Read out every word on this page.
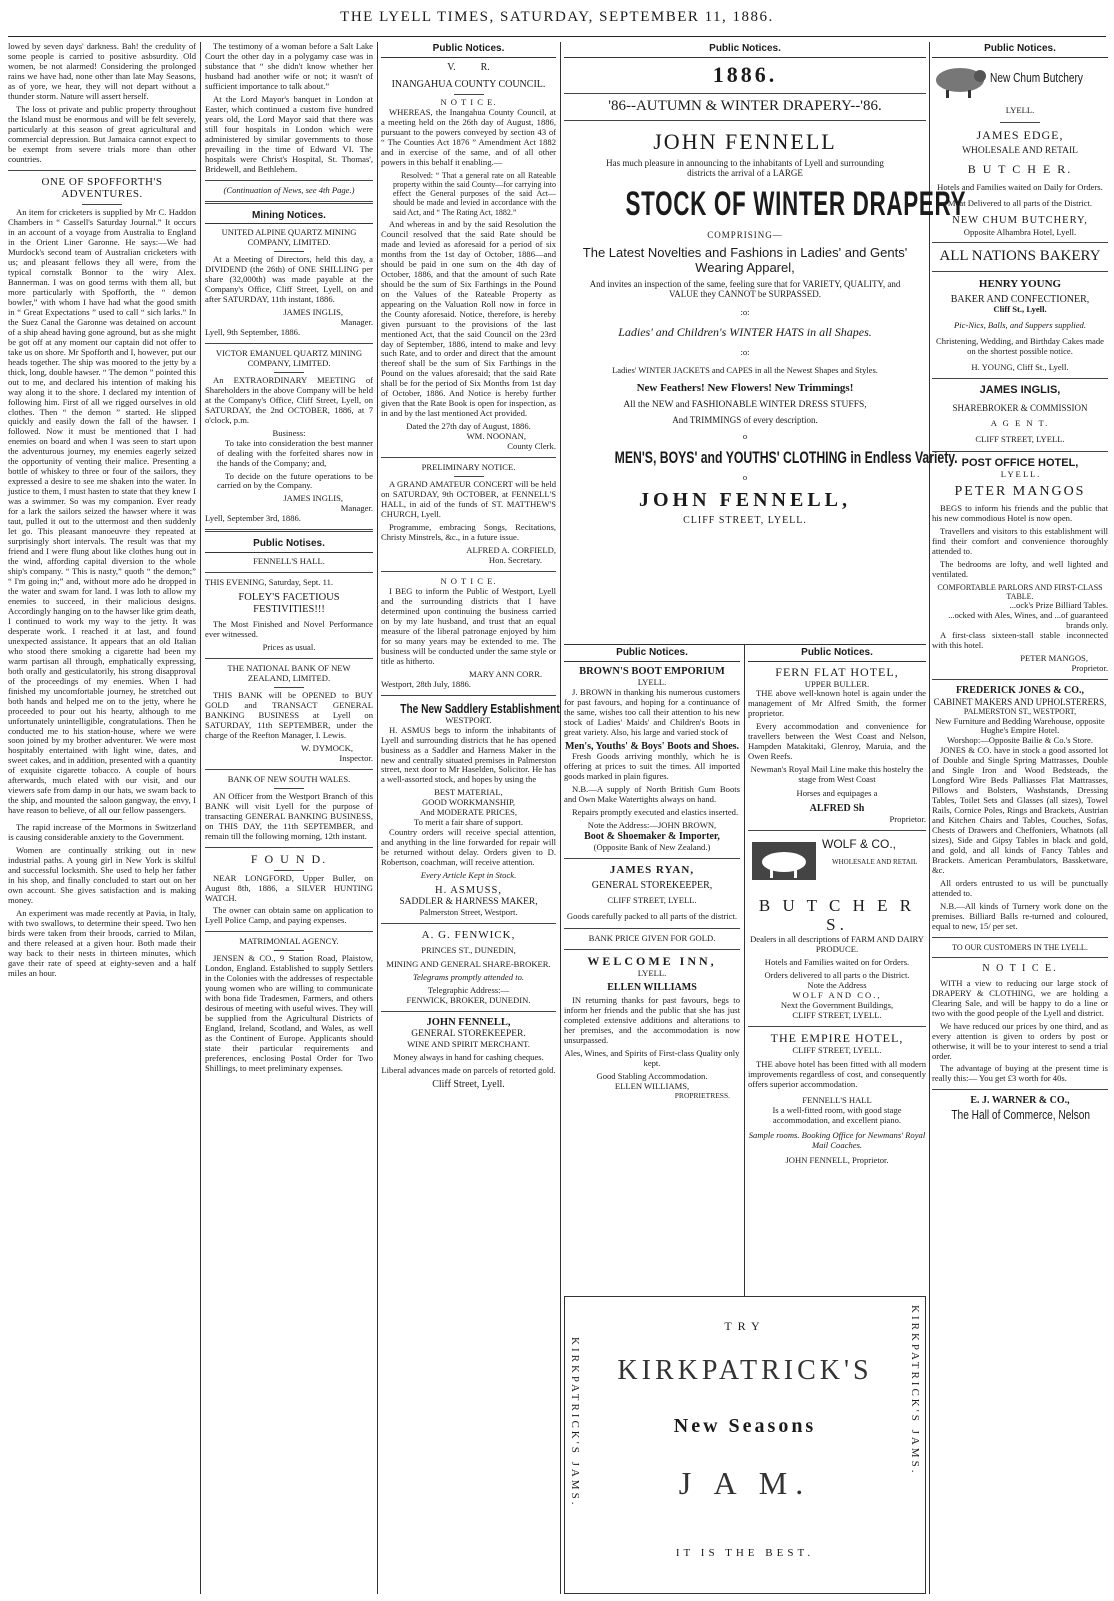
THE LYELL TIMES, SATURDAY, SEPTEMBER 11, 1886.

lowed by seven days' darkness. Bah! the credulity of some people is carried to positive asbsurdity. Old women, be not alarmed! Considering the prolonged rains we have had, none other than late May Seasons, as of yore, we hear, they will not depart without a thunder storm. Nature will assert herself.

The loss ot private and public property throughout the Island must be enormous and will be felt severely, particularly at this season of great agricultural and commercial depression. But Jamaica cannot expect to be exempt from severe trials more than other countries.

ONE OF SPOFFORTH'S ADVENTURES.

An item for cricketers is supplied by Mr C. Haddon Chambers in “ Cassell's Saturday Journal.” It occurs in an account of a voyage from Australia to England in the Orient Liner Garonne. He says:—We had Murdock's second team of Australian cricketers with us; and pleasant fellows they all were, from the typical cornstalk Bonnor to the wiry Alex. Bannerman. I was on good terms with them all, but more particularly with Spofforth, the “ demon bowler,” with whom I have had what the good smith in “ Great Expectations ” used to call “ sich larks.” In the Suez Canal the Garonne was detained on account of a ship ahead having gone aground, but as she might be got off at any moment our captain did not offer to take us on shore. Mr Spofforth and I, however, put our heads together. The ship was moored to the jetty by a thick, long, double hawser. “ The demon ” pointed this out to me, and declared his intention of making his way along it to the shore. I declared my intention of following him. First of all we rigged ourselves in old clothes. Then “ the demon ” started. He slipped quickly and easily down the fall of the hawser. I followed. Now it must be mentioned that I had enemies on board and when I was seen to start upon the adventurous journey, my enemies eagerly seized the opportunity of venting their malice. Presenting a bottle of whiskey to three or four of the sailors, they expressed a desire to see me shaken into the water. In justice to them, I must hasten to state that they knew I was a swimmer. So was my companion. Ever ready for a lark the sailors seized the hawser where it was taut, pulled it out to the uttermost and then suddenly let go. This pleasant manoeuvre they repeated at surprisingly short intervals. The result was that my friend and I were flung about like clothes hung out in the wind, affording capital diversion to the whole ship's company. “ This is nasty,” quoth “ the demon;” “ I'm going in;” and, without more ado he dropped in the water and swam for land. I was loth to allow my enemies to succeed, in their malicious designs. Accordingly hanging on to the hawser like grim death, I continued to work my way to the jetty. It was desperate work. I reached it at last, and found unexpected assistance. It appears that an old Italian who stood there smoking a cigarette had been my warm partisan all through, emphatically expressing, both orally and gesticulatorily, his strong disapproval of the proceedings of my enemies. When I had finished my uncomfortable journey, he stretched out both hands and helped me on to the jetty, where he proceeded to pour out his hearty, although to me unfortunately unintelligible, congratulations. Then he conducted me to his station-house, where we were soon joined by my brother adventurer. We were most hospitably entertained with light wine, dates, and sweet cakes, and in addition, presented with a quantity of exquisite cigarette tobacco. A couple of hours afterwards, much elated with our visit, and our viewers safe from damp in our hats, we swam back to the ship, and mounted the saloon gangway, the envy, I have reason to believe, of all our fellow passengers.

The rapid increase of the Mormons in Switzerland is causing considerable anxiety to the Government.

Women are continually striking out in new industrial paths. A young girl in New York is skilful and successful locksmith. She used to help her father in his shop, and finally concluded to start out on her own account. She gives satisfaction and is making money.

An experiment was made recently at Pavia, in Italy, with two swallows, to determine their speed. Two hen birds were taken from their broods, carried to Milan, and there released at a given hour. Both made their way back to their nests in thirteen minutes, which gave their rate of speed at eighty-seven and a half miles an hour.

The testimony of a woman before a Salt Lake Court the other day in a polygamy case was in substance that “ she didn't know whether her husband had another wife or not; it wasn't of sufficient importance to talk about.”

At the Lord Mayor's banquet in London at Easter, which continued a custom five hundred years old, the Lord Mayor said that there was still four hospitals in London which were administered by similar governments to those prevailing in the time of Edward VI. The hospitals were Christ's Hospital, St. Thomas', Bridewell, and Bethlehem.

(Continuation of News, see 4th Page.)
Mining Notices.
UNITED ALPINE QUARTZ MINING COMPANY, LIMITED.

At a Meeting of Directors, held this day, a DIVIDEND (the 26th) of ONE SHILLING per share (32,000th) was made payable at the Company's Office, Cliff Street, Lyell, on and after SATURDAY, 11th instant, 1886.

JAMES INGLIS,
Manager.
Lyell, 9th September, 1886.
VICTOR EMANUEL QUARTZ MINING COMPANY, LIMITED.

An EXTRAORDINARY MEETING of Shareholders in the above Company will be held at the Company's Office, Cliff Street, Lyell, on SATURDAY, the 2nd OCTOBER, 1886, at 7 o'clock, p.m.

Business:

To take into consideration the best manner of dealing with the forfeited shares now in the hands of the Company; and,

To decide on the future operations to be carried on by the Company.

JAMES INGLIS,
Manager.
Lyell, September 3rd, 1886.
Public Notises.
FENNELL'S HALL.
THIS EVENING, Saturday, Sept. 11.
FOLEY'S FACETIOUS FESTIVITIES!!!

The Most Finished and Novel Performance ever witnessed.

Prices as usual.
THE NATIONAL BANK OF NEW ZEALAND, LIMITED.

THIS BANK will be OPENED to BUY GOLD and TRANSACT GENERAL BANKING BUSINESS at Lyell on SATURDAY, 11th SEPTEMBER, under the charge of the Reefton Manager, I. Lewis.

W. DYMOCK,
Inspector.
BANK OF NEW SOUTH WALES.

AN Officer from the Westport Branch of this BANK will visit Lyell for the purpose of transacting GENERAL BANKING BUSINESS, on THIS DAY, the 11th SEPTEMBER, and remain till the following morning, 12th instant.

F O U N D.

NEAR LONGFORD, Upper Buller, on August 8th, 1886, a SILVER HUNTING WATCH.

The owner can obtain same on application to Lyell Police Camp, and paying expenses.

MATRIMONIAL AGENCY.

JENSEN & CO., 9 Station Road, Plaistow, London, England. Established to supply Settlers in the Colonies with the addresses of respectable young women who are willing to communicate with bona fide Tradesmen, Farmers, and others desirous of meeting with useful wives. They will be supplied from the Agricultural Districts of England, Ireland, Scotland, and Wales, as well as the Continent of Europe. Applicants should state their particular requirements and preferences, enclosing Postal Order for Two Shillings, to meet preliminary expenses.

Public Notices.
V.          R.
INANGAHUA COUNTY COUNCIL.
N O T I C E.

WHEREAS, the Inangahua County Council, at a meeting held on the 26th day of August, 1886, pursuant to the powers conveyed by section 43 of “ The Counties Act 1876 ” Amendment Act 1882 and in exercise of the same, and of all other powers in this behalf it enabling.—

Resolved: “ That a general rate on all Rateable property within the said County—for carrying into effect the General purposes of the said Act—should be made and levied in accordance with the said Act, and “ The Rating Act, 1882.”

And whereas in and by the said Resolution the Council resolved that the said Rate should be made and levied as aforesaid for a period of six months from the 1st day of October, 1886—and should be paid in one sum on the 4th day of October, 1886, and that the amount of such Rate should be the sum of Six Farthings in the Pound on the Values of the Rateable Property as appearing on the Valuation Roll now in force in the County aforesaid. Notice, therefore, is hereby given pursuant to the provisions of the last mentioned Act, that the said Council on the 23rd day of September, 1886, intend to make and levy such Rate, and to order and direct that the amount thereof shall be the sum of Six Farthings in the Pound on the values aforesaid; that the said Rate shall be for the period of Six Months from 1st day of October, 1886. And Notice is hereby further given that the Rate Book is open for inspection, as in and by the last mentioned Act provided.

Dated the 27th day of August, 1886.
WM. NOONAN,
County Clerk.
PRELIMINARY NOTICE.

A GRAND AMATEUR CONCERT will be held on SATURDAY, 9th OCTOBER, at FENNELL'S HALL, in aid of the funds of ST. MATTHEW'S CHURCH, Lyell.

Programme, embracing Songs, Recitations, Christy Minstrels, &c., in a future issue.

ALFRED A. CORFIELD,
Hon. Secretary.
N O T I C E.

I BEG to inform the Public of Westport, Lyell and the surrounding districts that I have determined upon continuing the business carried on by my late husband, and trust that an equal measure of the liberal patronage enjoyed by him for so many years may be extended to me. The business will be conducted under the same style or title as hitherto.

MARY ANN CORR.
Westport, 28th July, 1886.
The New Saddlery Establishment
WESTPORT.

H. ASMUS begs to inform the inhabitants of Lyell and surrounding districts that he has opened business as a Saddler and Harness Maker in the new and centrally situated premises in Palmerston street, next door to Mr Haselden, Solicitor. He has a well-assorted stock, and hopes by using the

BEST MATERIAL,
GOOD WORKMANSHIP,
And MODERATE PRICES,
To merit a fair share of support.

Country orders will receive special attention, and anything in the line forwarded for repair will be returned without delay. Orders given to D. Robertson, coachman, will receive attention.

Every Article Kept in Stock.
H. ASMUSS,
SADDLER & HARNESS MAKER,
Palmerston Street, Westport.
A. G. FENWICK,
PRINCES ST., DUNEDIN,
MINING AND GENERAL SHARE-BROKER.
Telegrams promptly attended to.
Telegraphic Address:—
FENWICK, BROKER, DUNEDIN.
JOHN FENNELL,
GENERAL STOREKEEPER.
WINE AND SPIRIT MERCHANT.
Money always in hand for cashing cheques.
Liberal advances made on parcels of retorted gold.
Cliff Street, Lyell.
Public Notices.
1886.
'86--AUTUMN & WINTER DRAPERY--'86.
JOHN FENNELL
Has much pleasure in announcing to the inhabitants of Lyell and surrounding districts the arrival of a LARGE
STOCK OF WINTER DRAPERY
COMPRISING—
The Latest Novelties and Fashions in Ladies' and Gents' Wearing Apparel,
And invites an inspection of the same, feeling sure that for VARIETY, QUALITY, and VALUE they CANNOT be SURPASSED.
:o:
Ladies' and Children's WINTER HATS in all Shapes.
:o:
Ladies' WINTER JACKETS and CAPES in all the Newest Shapes and Styles.
New Feathers! New Flowers! New Trimmings!
All the NEW and FASHIONABLE WINTER DRESS STUFFS,
And TRIMMINGS of every description.
o
MEN'S, BOYS' and YOUTHS' CLOTHING in Endless Variety.
o
JOHN FENNELL,
CLIFF STREET, LYELL.
Public Notices.
BROWN'S BOOT EMPORIUM
LYELL.

J. BROWN in thanking his numerous customers for past favours, and hoping for a continuance of the same, wishes too call their attention to his new stock of Ladies' Maids' and Children's Boots in great variety. Also, his large and varied stock of

Men's, Youths' & Boys' Boots and Shoes.

Fresh Goods arriving monthly, which he is offering at prices to suit the times. All imported goods marked in plain figures.

N.B.—A supply of North British Gum Boots and Own Make Watertights always on hand.

Repairs promptly executed and elastics inserted.

Note the Address:—JOHN BROWN,
Boot & Shoemaker & Importer,
(Opposite Bank of New Zealand.)
JAMES RYAN,
GENERAL STOREKEEPER,
CLIFF STREET, LYELL.
Goods carefully packed to all parts of the district.
BANK PRICE GIVEN FOR GOLD.
WELCOME INN,
LYELL.
ELLEN WILLIAMS

IN returning thanks for past favours, begs to inform her friends and the public that she has just completed extensive additions and alterations to her premises, and the accommodation is now unsurpassed.

Ales, Wines, and Spirits of First-class Quality only kept.
Good Stabling Accommodation.
ELLEN WILLIAMS,
PROPRIETRESS.
Public Notices.
FERN FLAT HOTEL,
UPPER BULLER.

THE above well-known hotel is again under the management of Mr Alfred Smith, the former proprietor.

Every accommodation and convenience for travellers between the West Coast and Nelson, Hampden Matakitaki, Glenroy, Maruia, and the Owen Reefs.

Newman's Royal Mail Line make this hostelry the stage from West Coast
Horses and equipages a
ALFRED Sh
Proprietor.
WOLF & CO.,
WHOLESALE AND RETAIL
B U T C H E R S.
Dealers in all descriptions of FARM AND DAIRY PRODUCE.
Hotels and Families waited on for Orders.
Orders delivered to all parts o the District.
Note the Address
WOLF AND CO.,
Next the Government Buildings,
CLIFF STREET, LYELL.
THE EMPIRE HOTEL,
CLIFF STREET, LYELL.

THE above hotel has been fitted with all modern improvements regardless of cost, and consequently offers superior accommodation.

FENNELL'S HALL
Is a well-fitted room, with good stage accommodation, and excellent piano.
Sample rooms. Booking Office for Newmans' Royal Mail Coaches.
JOHN FENNELL, Proprietor.
KIRKPATRICK'S JAMS.	KIRKPATRICK'S JAMS.
TRY
KIRKPATRICK'S
New Seasons
J A M.
IT IS THE BEST.
Public Notices.
New Chum Butchery
LYELL.
JAMES EDGE,
WHOLESALE AND RETAIL
B U T C H E R.
Hotels and Families waited on Daily for Orders.
Meat Delivered to all parts of the District.
NEW CHUM BUTCHERY,
Opposite Alhambra Hotel, Lyell.
ALL NATIONS BAKERY
HENRY YOUNG
BAKER AND CONFECTIONER,
Cliff St., Lyell.
Pic-Nics, Balls, and Suppers supplied.
Christening, Wedding, and Birthday Cakes made on the shortest possible notice.
H. YOUNG, Cliff St., Lyell.
JAMES INGLIS,
SHAREBROKER & COMMISSION
A G E N T.
CLIFF STREET, LYELL.
POST OFFICE HOTEL,
L Y E L L .
PETER MANGOS

BEGS to inform his friends and the public that his new commodious Hotel is now open.

Travellers and visitors to this establishment will find their comfort and convenience thoroughly attended to.

The bedrooms are lofty, and well lighted and ventilated.

COMFORTABLE PARLORS AND FIRST-CLASS TABLE.
...ock's Prize Billiard Tables.
...ocked with Ales, Wines, and ...of guaranteed brands only.

A first-class sixteen-stall stable inconnected with this hotel.

PETER MANGOS,
Proprietor.
FREDERICK JONES & CO.,
CABINET MAKERS AND UPHOLSTERERS,
PALMERSTON ST., WESTPORT,
New Furniture and Bedding Warehouse, opposite Hughe's Empire Hotel.
Worshop:—Opposite Bailie & Co.'s Store.

JONES & CO. have in stock a good assorted lot of Double and Single Spring Mattrasses, Double and Single Iron and Wood Bedsteads, the Longford Wire Beds Palliasses Flat Mattrasses, Pillows and Bolsters, Washstands, Dressing Tables, Toilet Sets and Glasses (all sizes), Towel Rails, Cornice Poles, Rings and Brackets, Austrian and Kitchen Chairs and Tables, Couches, Sofas, Chests of Drawers and Cheffoniers, Whatnots (all sizes), Side and Gipsy Tables in black and gold, and gold, and all kinds of Fancy Tables and Brackets. American Perambulators, Bassketware, &c.

All orders entrusted to us will be punctually attended to.

N.B.—All kinds of Turnery work done on the premises. Billiard Balls re-turned and coloured, equal to new, 15/ per set.

TO OUR CUSTOMERS IN THE LYELL.
N O T I C E.

WITH a view to reducing our large stock of DRAPERY & CLOTHING, we are holding a Clearing Sale, and will be happy to do a line or two with the good people of the Lyell and district.

We have reduced our prices by one third, and as every attention is given to orders by post or otherwise, it will be to your interest to send a trial order.

The advantage of buying at the present time is really this:— You get £3 worth for 40s.

E. J. WARNER & CO.,
The Hall of Commerce, Nelson
